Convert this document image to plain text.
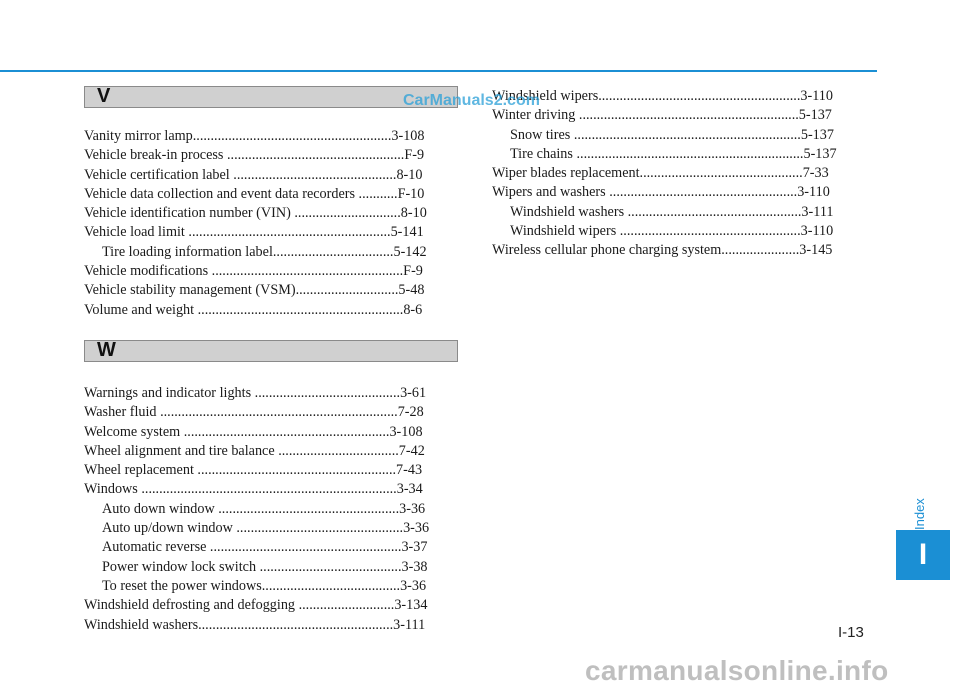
V
Vanity mirror lamp........................................................3-108
Vehicle break-in process ..................................................F-9
Vehicle certification label ..............................................8-10
Vehicle data collection and event data recorders ...........F-10
Vehicle identification number (VIN) ..............................8-10
Vehicle load limit .........................................................5-141
Tire loading information label..................................5-142
Vehicle modifications ......................................................F-9
Vehicle stability management (VSM).............................5-48
Volume and weight ..........................................................8-6
W
Warnings and indicator lights .........................................3-61
Washer fluid ...................................................................7-28
Welcome system ..........................................................3-108
Wheel alignment and tire balance ..................................7-42
Wheel replacement ........................................................7-43
Windows ........................................................................3-34
Auto down window ...................................................3-36
Auto up/down window ...............................................3-36
Automatic reverse ......................................................3-37
Power window lock switch ........................................3-38
To reset the power windows.......................................3-36
Windshield defrosting and defogging ...........................3-134
Windshield washers.......................................................3-111
Windshield wipers.........................................................3-110
Winter driving ..............................................................5-137
Snow tires ................................................................5-137
Tire chains ................................................................5-137
Wiper blades replacement..............................................7-33
Wipers and washers .....................................................3-110
Windshield washers .................................................3-111
Windshield wipers ...................................................3-110
Wireless cellular phone charging system......................3-145
CarManuals2.com
Index
I
I-13
carmanualsonline.info
